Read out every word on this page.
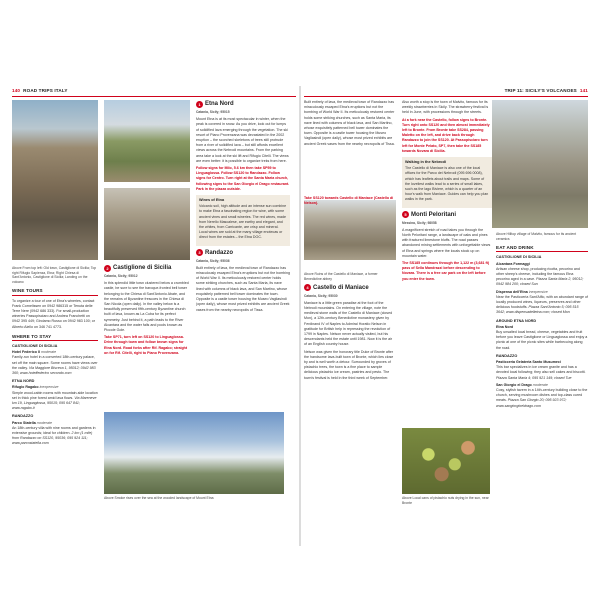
140 ROAD TRIPS ITALY	TRIP 11: SICILY'S VOLCANOES 141

Above From top left: Old town, Castiglione di Sicilia; Top right Rifugio Sapienza, Etna; Right Chiesa di Sant'Antonio, Castiglione di Sicilia; Landing on the volcano

WINE TOURS

To organize a tour of one of Etna's wineries, contact Frank Cornelissen on 0942 986315 or Tenuta delle Terre Nere (0942 686 333). For small-production wineries Passopisciaro and Andrea Franchetti on 0942 395 449; Girolamo Russo on 0942 983 100; or Alberto Aiello on 346 741 4773.

WHERE TO STAY
CASTIGLIONE DI SICILIA

Hotel Federico II moderate
Family-run hotel in a converted 18th-century palace, set off the main square. Some rooms have views over the valley. Via Maggiore Bisceca 1, 95012; 0942 983 360; www.hotelfederico secondo.com

ETNA NORD

Rifugio Ragabo inexpensive
Simple wood-cabin rooms with mountain-side location set in thick pine forest amid lava flows. Via Mareneve km 19, Linguaglossa, 95015; 095 647 841; www.ragabo.it

RANDAZZO

Parco Statella moderate
An 18th-century villa with nine rooms and gardens in extensive grounds; ideal for children. 2 km (1 mile) from Randazzo on SS120, 95036; 095 924 111; www.parcostatella.com

2 Castiglione di Sicilia
Catania, Sicily; 95012

In this splendid little town clustered below a crumbled castle, be sure to see the baroque-fronted bell tower belonging to the Chiesa di Sant'Antonio Abate, and the remains of Byzantine frescoes in the Chiesa di San Nicola (open daily). In the valley below is a beautifully preserved fifth-century Byzantine church built of lava, known as La Cuba for its perfect symmetry. Just behind it, a path leads to the River Alcantara and the water falls and pools known as Piccole Gole.

Take SP71, turn left on SS120 to Linguaglossa. Drive through town and follow brown signs for Etna Nord. Road forks after Rif. Ragabo; straight on for Rif. Citelli, right to Piano Provenzana.

1 Etna Nord
Catania, Sicily; 95015

Mount Etna is at its most spectacular in winter, when the peak is covered in snow. As you drive, look out for lumps of solidified lava emerging through the vegetation. The ski resort of Piano Provenzana was devastated in the 2002 eruption – the scorched skeletons of trees still protrude from a river of solidified lava – but still affords excellent views across the Nebrodi mountains. From the parking area take a look at the ski lift and Rifugio Citelli. The views are even better: it is possible to organize treks from here.

Follow signs for Milo, 5.6 km then take SP59 to Linguaglossa. Follow SS120 to Randazzo. Follow signs for Centro. Turn right at the Santa Maria church, following signs to the San Giorgio el Drago restaurant. Park in the piazza outside.

Wines of Etna

Volcanic soil, high altitude and an intense sun combine to make Etna a fascinating region for wine, with some ancient vines and small wineries. The red wines, made from Nerello Mascalese, are earthy and elegant, and the whites, from Carricante, are crisp and mineral. Local wines are sold at the many village enotecas or direct from the estates – the Etna DOC.

3 Randazzo
Catania, Sicily; 95036

Built entirely of lava, the medieval town of Randazzo has miraculously escaped Etna's eruptions but not the bombing of World War II. Its meticulously restored center holds some striking churches, such as Santa Maria, its nave lined with columns of black lava, and San Martino, whose exquisitely patterned bell tower dominates the town. Opposite is a castle tower housing the Museo Vagliasindi (open daily), whose most prized exhibits are ancient Greek vases from the nearby necropolis of Tissa.

Above Smoke rises over the sea at the wooded landscape of Mount Etna

Built entirely of lava, the medieval town of Randazzo has miraculously escaped Etna's eruptions but not the bombing of World War II. Its meticulously restored center holds some striking churches, such as Santa Maria, its nave lined with columns of black lava, and San Martino, whose exquisitely patterned bell tower dominates the town. Opposite is a castle tower housing the Museo Vagliasindi (open daily), whose most prized exhibits are ancient Greek vases from the nearby necropolis of Tissa.

Take SS120 towards Castello di Maniace (Castello di Nelson).

Above Ruins of the Castello di Maniace, a former Benedictine abbey

4 Castello di Maniace
Catania, Sicily; 95030

Maniace is a little green paradise at the foot of the Nebrodi mountains. On entering the village, note the medieval stone walls of the Castello di Maniace (closed Mon), a 12th-century Benedictine monastery given by Ferdinand IV of Naples to Admiral Horatio Nelson in gratitude for British help in repressing the revolution of 1799 in Naples. Nelson never actually visited, but his descendants held the estate until 1981. Now it is the air of an English country house.

Nelson was given the honorary title Duke of Bronte after the handsome lava-built town of Bronte, which lies close by and is well worth a detour. Surrounded by groves of pistachio trees, the town is a fine place to sample delicious pistachio ice cream, pastries and pesto. The town's festival is held in the third week of September.

Also worth a stop is the town of Malvito, famous for its weekly strawberries in Sicily. The strawberry festival is held in June, with processions through the streets.

At a fork near the Castello, follow signs to Bronte. Turn right onto SS120 and then almost immediately left to Bronte. From Bronte take SS284, passing Maletto on the left, and drive back through Randazzo to join the SS120. At Passopisciaro turn left for Monte Pelato, SP7, then take the SS185 towards Novara di Sicilia.

Walking in the Nebrodi

The Castello di Maniace is also one of the local offices for the Parco dei Nebrodi (095 696 0008), which has leaflets about trails and maps. Some of the loveliest walks lead to a series of small lakes, such as the lago Biviere, which is a quarter of an hour's walk from Maniace. Guides can help you plan walks in the park.

5 Monti Peloritani
Messina, Sicily; 98058

A magnificent stretch of road takes you through the North Peloritani range, a landscape of oaks and pines with fractured limestone bluffs. The road passes abandoned mining settlements with unforgettable views of Etna and springs where the locals stock up on mountain water.

The SS185 continues through the 1,122 m (3,681 ft) pass of Sella Mandrazzi before descending to Novara. There is a free car park on the left before you enter the town.

Above Local cans of pistachio nuts drying in the sun, near Bronte

Above Hilltop village of Malvito, famous for its ancient ceramics

EAT AND DRINK
CASTIGLIONE DI SICILIA

Alcantara Formaggi
Artisan cheese shop, producing ricotta, pecorino and other sheep's cheese, including the famous Etna pecorino aged in a cave. Piazza Santa Maria 2, 95012; 0942 984 200; closed Sun

Dispensa dell'Etna inexpensive
Near the Pasticceria Sant'Alfio, with an abundant range of locally produced wines, liqueurs, preserves and other delicious foodstuffs. Piazza Sant'Antonio 5; 095 515 3642; www.dispensadelletna.com; closed Mon

AROUND ETNA NORD

Etna Nord
Buy unsalted local bread, cheese, vegetables and fruit before you leave Castiglione or Linguaglossa and enjoy a picnic at one of the picnic sites while barbecuing along the road.

RANDAZZO

Pasticceria Gelateria Santo Musumeci
This bar specializes in ice cream granite and has a devoted local following; they also sell cakes and biscotti. Piazza Santa Maria 4; 095 921 149; closed Tue

San Giorgio el Drago moderate
Cosy, stylish tavern in a 14th-century building close to the church, serving mushroom dishes and top-class cured meats. Piazza San Giorgio 20; 095 923 972; www.sangiorgioeldrago.com
